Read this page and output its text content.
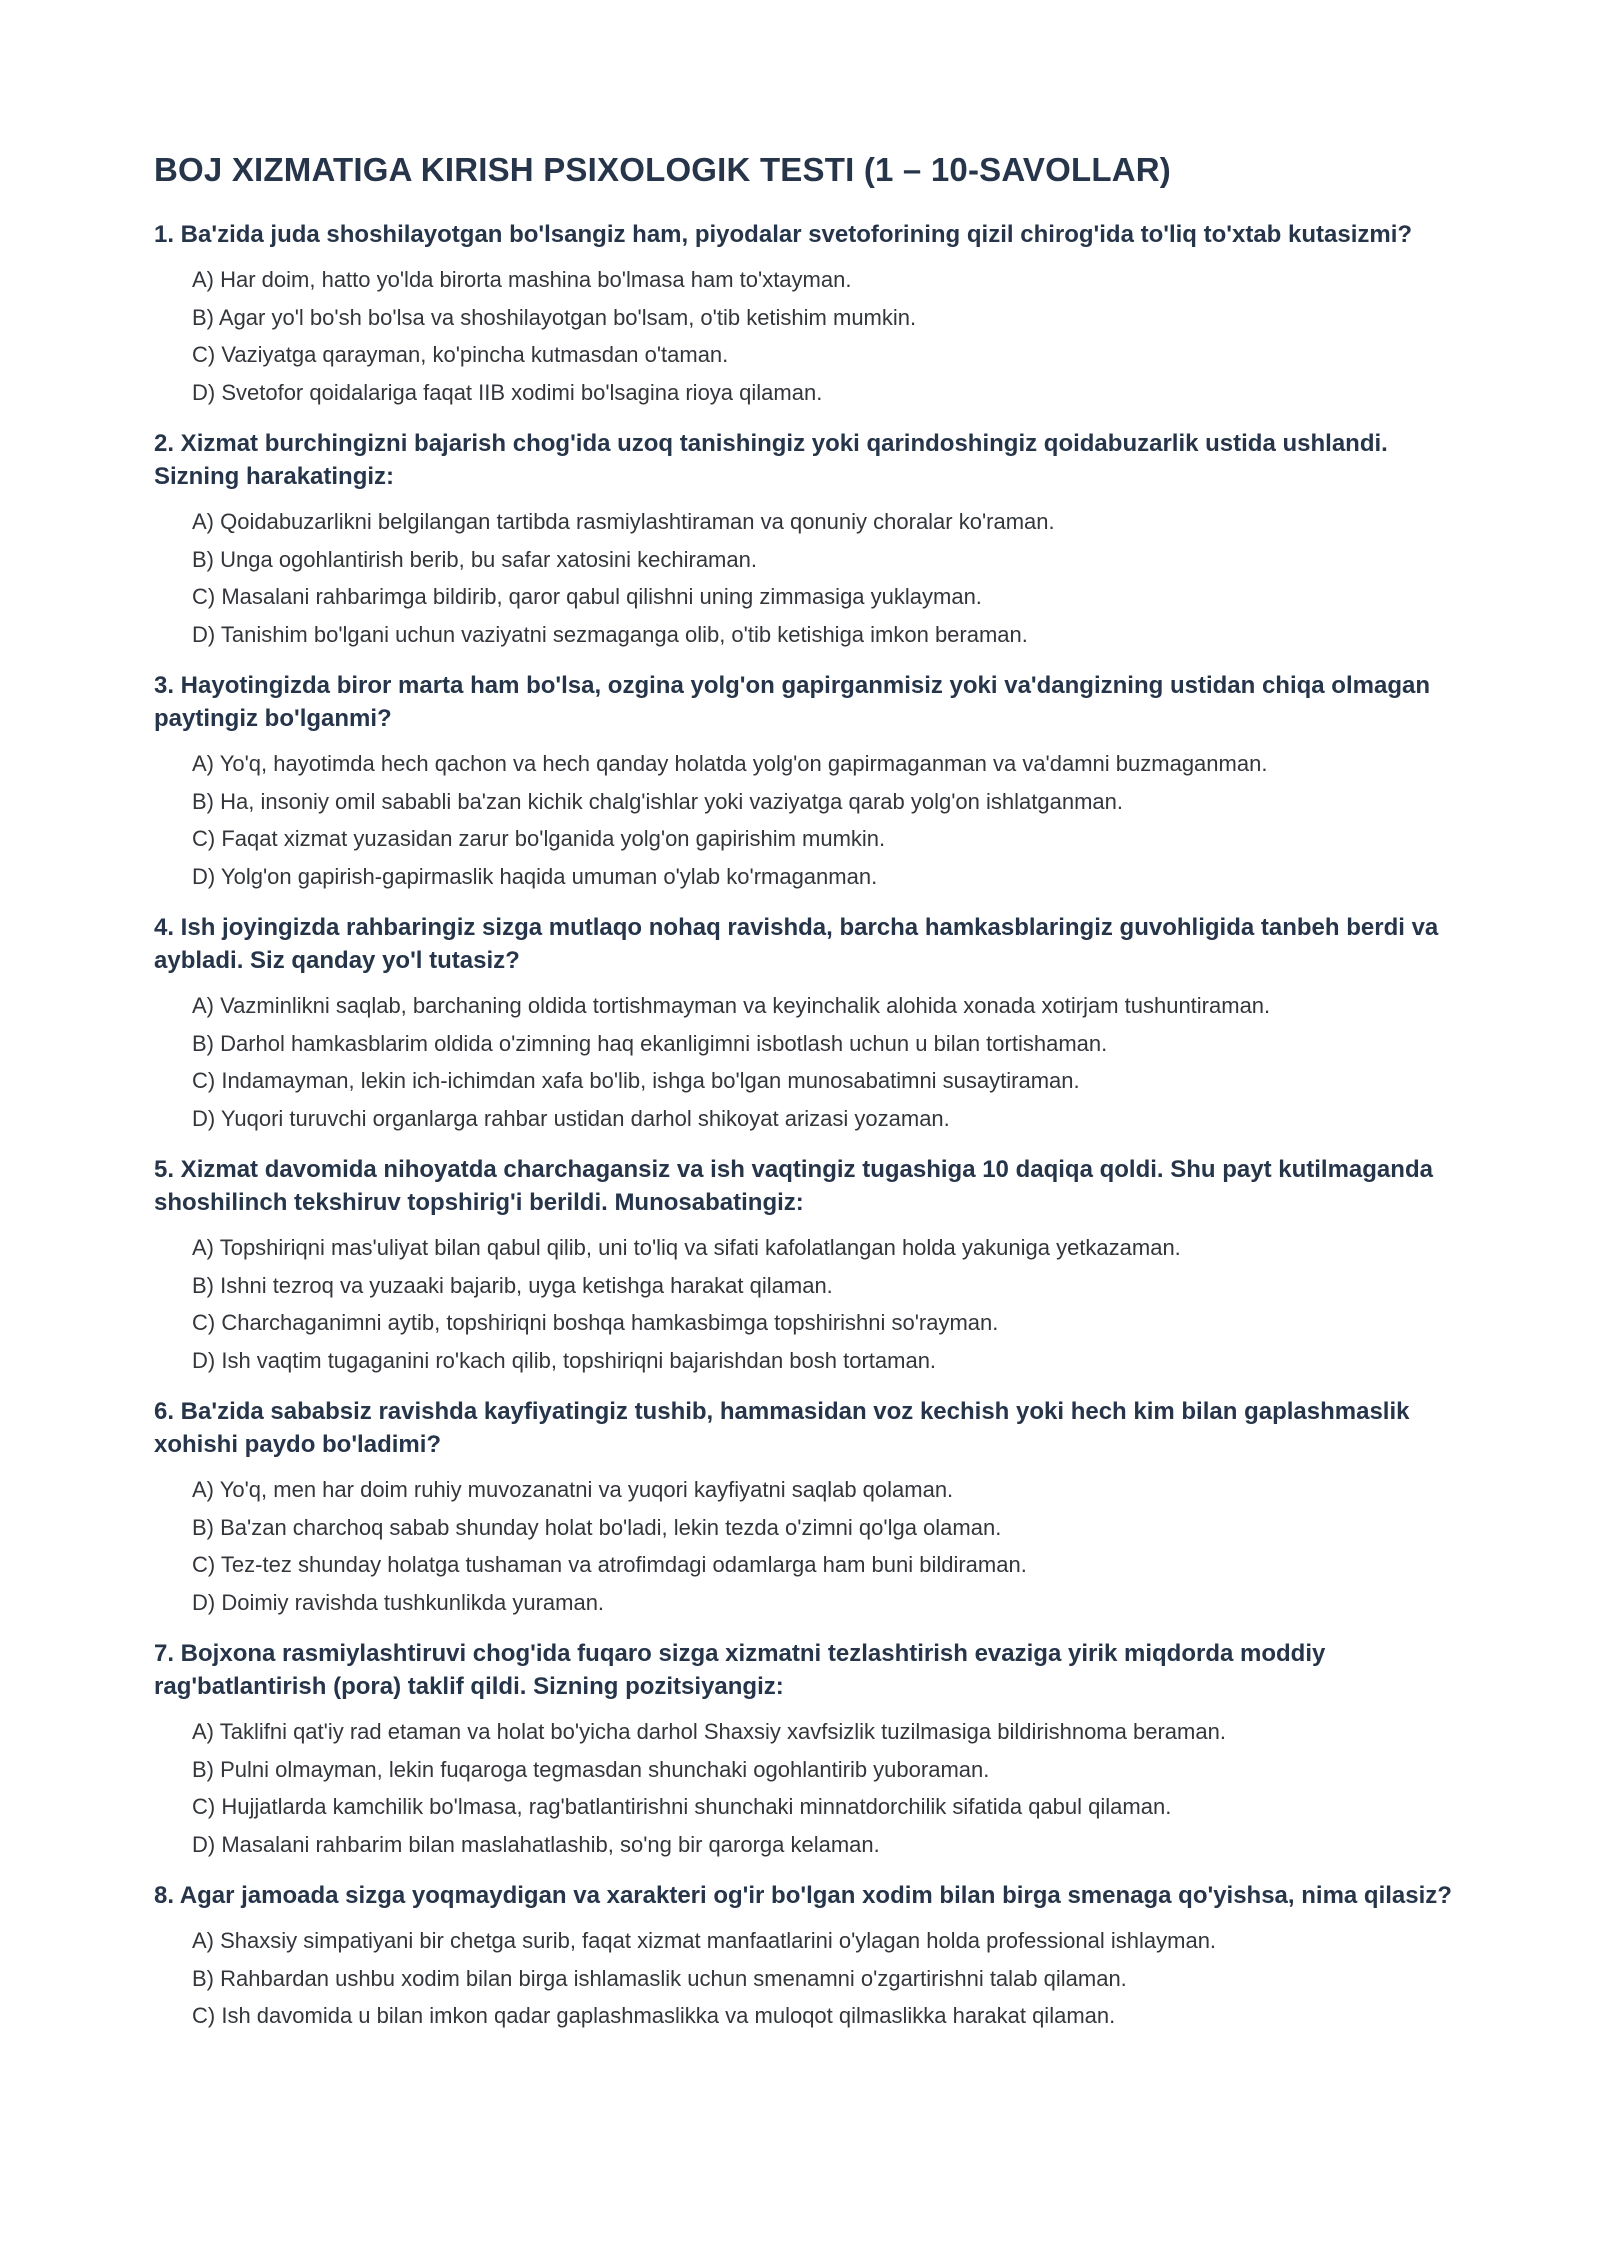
BOJ XIZMATIGA KIRISH PSIXOLOGIK TESTI (1 – 10-SAVOLLAR)
1. Ba'zida juda shoshilayotgan bo'lsangiz ham, piyodalar svetoforining qizil chirog'ida to'liq to'xtab kutasizmi?
A) Har doim, hatto yo'lda birorta mashina bo'lmasa ham to'xtayman.
B) Agar yo'l bo'sh bo'lsa va shoshilayotgan bo'lsam, o'tib ketishim mumkin.
C) Vaziyatga qarayman, ko'pincha kutmasdan o'taman.
D) Svetofor qoidalariga faqat IIB xodimi bo'lsagina rioya qilaman.
2. Xizmat burchingizni bajarish chog'ida uzoq tanishingiz yoki qarindoshingiz qoidabuzarlik ustida ushlandi. Sizning harakatingiz:
A) Qoidabuzarlikni belgilangan tartibda rasmiylashtiraman va qonuniy choralar ko'raman.
B) Unga ogohlantirish berib, bu safar xatosini kechiraman.
C) Masalani rahbarimga bildirib, qaror qabul qilishni uning zimmasiga yuklayman.
D) Tanishim bo'lgani uchun vaziyatni sezmaganga olib, o'tib ketishiga imkon beraman.
3. Hayotingizda biror marta ham bo'lsa, ozgina yolg'on gapirganmisiz yoki va'dangizning ustidan chiqa olmagan paytingiz bo'lganmi?
A) Yo'q, hayotimda hech qachon va hech qanday holatda yolg'on gapirmaganman va va'damni buzmaganman.
B) Ha, insoniy omil sababli ba'zan kichik chalg'ishlar yoki vaziyatga qarab yolg'on ishlatganman.
C) Faqat xizmat yuzasidan zarur bo'lganida yolg'on gapirishim mumkin.
D) Yolg'on gapirish-gapirmaslik haqida umuman o'ylab ko'rmaganman.
4. Ish joyingizda rahbaringiz sizga mutlaqo nohaq ravishda, barcha hamkasblaringiz guvohligida tanbeh berdi va aybladi. Siz qanday yo'l tutasiz?
A) Vazminlikni saqlab, barchaning oldida tortishmayman va keyinchalik alohida xonada xotirjam tushuntiraman.
B) Darhol hamkasblarim oldida o'zimning haq ekanligimni isbotlash uchun u bilan tortishaman.
C) Indamayman, lekin ich-ichimdan xafa bo'lib, ishga bo'lgan munosabatimni susaytiraman.
D) Yuqori turuvchi organlarga rahbar ustidan darhol shikoyat arizasi yozaman.
5. Xizmat davomida nihoyatda charchagansiz va ish vaqtingiz tugashiga 10 daqiqa qoldi. Shu payt kutilmaganda shoshilinch tekshiruv topshirig'i berildi. Munosabatingiz:
A) Topshiriqni mas'uliyat bilan qabul qilib, uni to'liq va sifati kafolatlangan holda yakuniga yetkazaman.
B) Ishni tezroq va yuzaaki bajarib, uyga ketishga harakat qilaman.
C) Charchaganimni aytib, topshiriqni boshqa hamkasbimga topshirishni so'rayman.
D) Ish vaqtim tugaganini ro'kach qilib, topshiriqni bajarishdan bosh tortaman.
6. Ba'zida sababsiz ravishda kayfiyatingiz tushib, hammasidan voz kechish yoki hech kim bilan gaplashmaslik xohishi paydo bo'ladimi?
A) Yo'q, men har doim ruhiy muvozanatni va yuqori kayfiyatni saqlab qolaman.
B) Ba'zan charchoq sabab shunday holat bo'ladi, lekin tezda o'zimni qo'lga olaman.
C) Tez-tez shunday holatga tushaman va atrofimdagi odamlarga ham buni bildiraman.
D) Doimiy ravishda tushkunlikda yuraman.
7. Bojxona rasmiylashtiruvi chog'ida fuqaro sizga xizmatni tezlashtirish evaziga yirik miqdorda moddiy rag'batlantirish (pora) taklif qildi. Sizning pozitsiyangiz:
A) Taklifni qat'iy rad etaman va holat bo'yicha darhol Shaxsiy xavfsizlik tuzilmasiga bildirishnoma beraman.
B) Pulni olmayman, lekin fuqaroga tegmasdan shunchaki ogohlantirib yuboraman.
C) Hujjatlarda kamchilik bo'lmasa, rag'batlantirishni shunchaki minnatdorchilik sifatida qabul qilaman.
D) Masalani rahbarim bilan maslahatlashib, so'ng bir qarorga kelaman.
8. Agar jamoada sizga yoqmaydigan va xarakteri og'ir bo'lgan xodim bilan birga smenaga qo'yishsa, nima qilasiz?
A) Shaxsiy simpatiyani bir chetga surib, faqat xizmat manfaatlarini o'ylagan holda professional ishlayman.
B) Rahbardan ushbu xodim bilan birga ishlamaslik uchun smenamni o'zgartirishni talab qilaman.
C) Ish davomida u bilan imkon qadar gaplashmaslikka va muloqot qilmaslikka harakat qilaman.
